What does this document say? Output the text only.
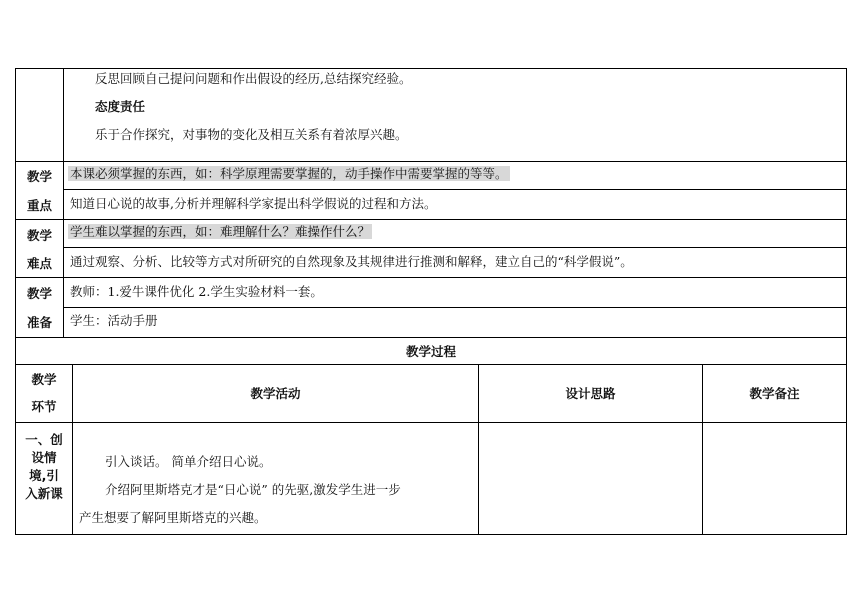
反思回顾自己提问问题和作出假设的经历,总结探究经验。
态度责任
乐于合作探究，对事物的变化及相互关系有着浓厚兴趣。
教学
重点
本课必须掌握的东西，如：科学原理需要掌握的，动手操作中需要掌握的等等。
知道日心说的故事,分析并理解科学家提出科学假说的过程和方法。
教学
难点
学生难以掌握的东西，如：难理解什么？难操作什么？
通过观察、分析、比较等方式对所研究的自然现象及其规律进行推测和解释，建立自己的“科学假说”。
教学
准备
教师：1.爱牛课件优化 2.学生实验材料一套。
学生：活动手册
教学过程
教学
环节
教学活动	设计思路	教学备注
一、创
设情
境,引
入新课
引入谈话。 简单介绍日心说。
介绍阿里斯塔克才是“日心说” 的先驱,激发学生进一步
产生想要了解阿里斯塔克的兴趣。
